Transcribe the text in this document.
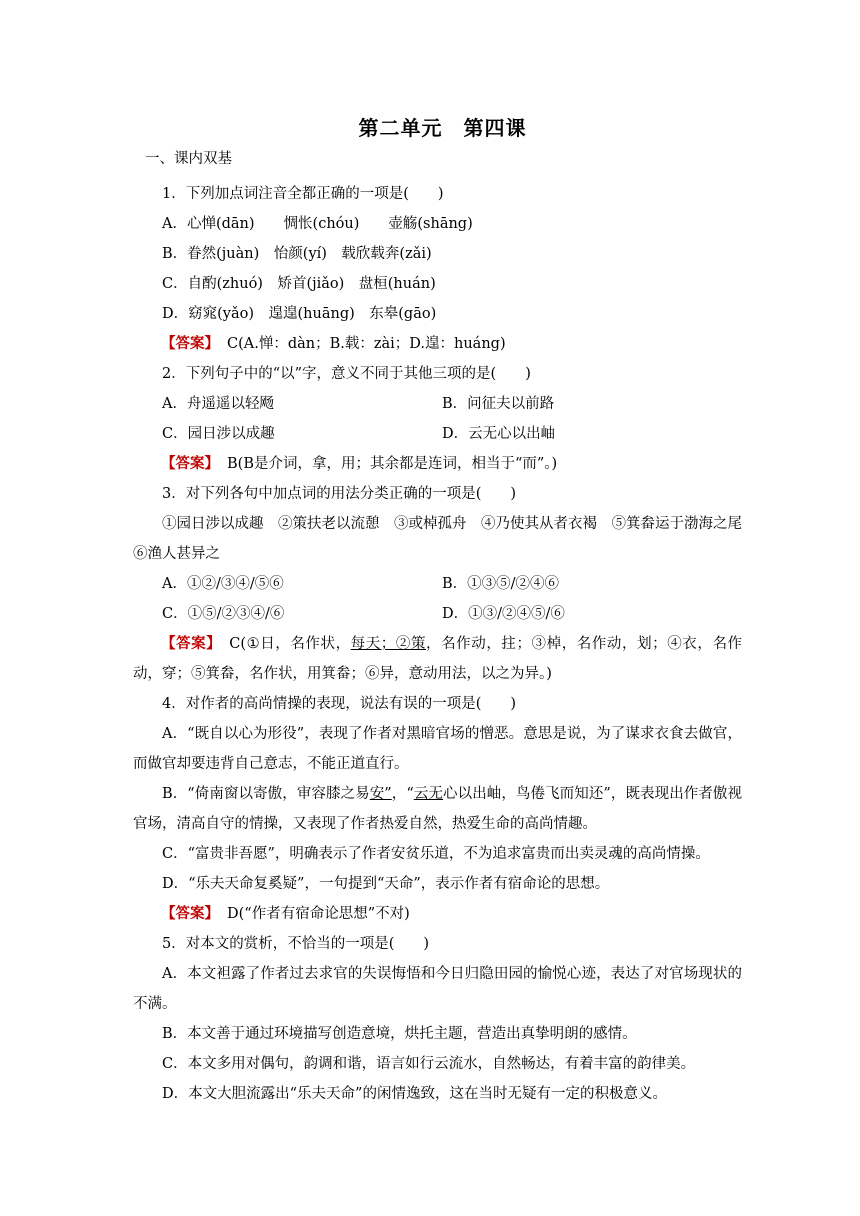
第二单元　第四课
一、课内双基
1．下列加点词注音全都正确的一项是(　　)
A．心惮(dān)　　惆怅(chóu)　　壶觞(shāng)
B．眷然(juàn)　怡颜(yí)　载欣载奔(zǎi)
C．自酌(zhuó)　矫首(jiǎo)　盘桓(huán)
D．窈窕(yǎo)　遑遑(huāng)　东皋(gāo)
【答案】 C(A.惮：dàn；B.载：zài；D.遑：huáng)
2．下列句子中的“以”字，意义不同于其他三项的是(　　)
A．舟遥遥以轻飏	B．问征夫以前路
C．园日涉以成趣	D．云无心以出岫
【答案】 B(B是介词，拿，用；其余都是连词，相当于“而”。)
3．对下列各句中加点词的用法分类正确的一项是(　　)
①园日涉以成趣　②策扶老以流憩　③或棹孤舟　④乃使其从者衣褐　⑤箕畚运于渤海之尾　⑥渔人甚异之
A．①②/③④/⑤⑥	B．①③⑤/②④⑥
C．①⑤/②③④/⑥	D．①③/②④⑤/⑥
【答案】 C(①日，名作状，每天；②策，名作动，拄；③棹，名作动，划；④衣，名作动，穿；⑤箕畚，名作状，用箕畚；⑥异，意动用法，以之为异。)
4．对作者的高尚情操的表现，说法有误的一项是(　　)
A．“既自以心为形役”，表现了作者对黑暗官场的憎恶。意思是说，为了谋求衣食去做官，而做官却要违背自己意志，不能正道直行。
B．“倚南窗以寄傲，审容膝之易安”，“云无心以出岫，鸟倦飞而知还”，既表现出作者傲视官场，清高自守的情操，又表现了作者热爱自然，热爱生命的高尚情趣。
C．“富贵非吾愿”，明确表示了作者安贫乐道，不为追求富贵而出卖灵魂的高尚情操。
D．“乐夫天命复奚疑”，一句提到“天命”，表示作者有宿命论的思想。
【答案】 D(“作者有宿命论思想”不对)
5．对本文的赏析，不恰当的一项是(　　)
A．本文袒露了作者过去求官的失误悔悟和今日归隐田园的愉悦心迹，表达了对官场现状的不满。
B．本文善于通过环境描写创造意境，烘托主题，营造出真挚明朗的感情。
C．本文多用对偶句，韵调和谐，语言如行云流水，自然畅达，有着丰富的韵律美。
D．本文大胆流露出“乐夫天命”的闲情逸致，这在当时无疑有一定的积极意义。
